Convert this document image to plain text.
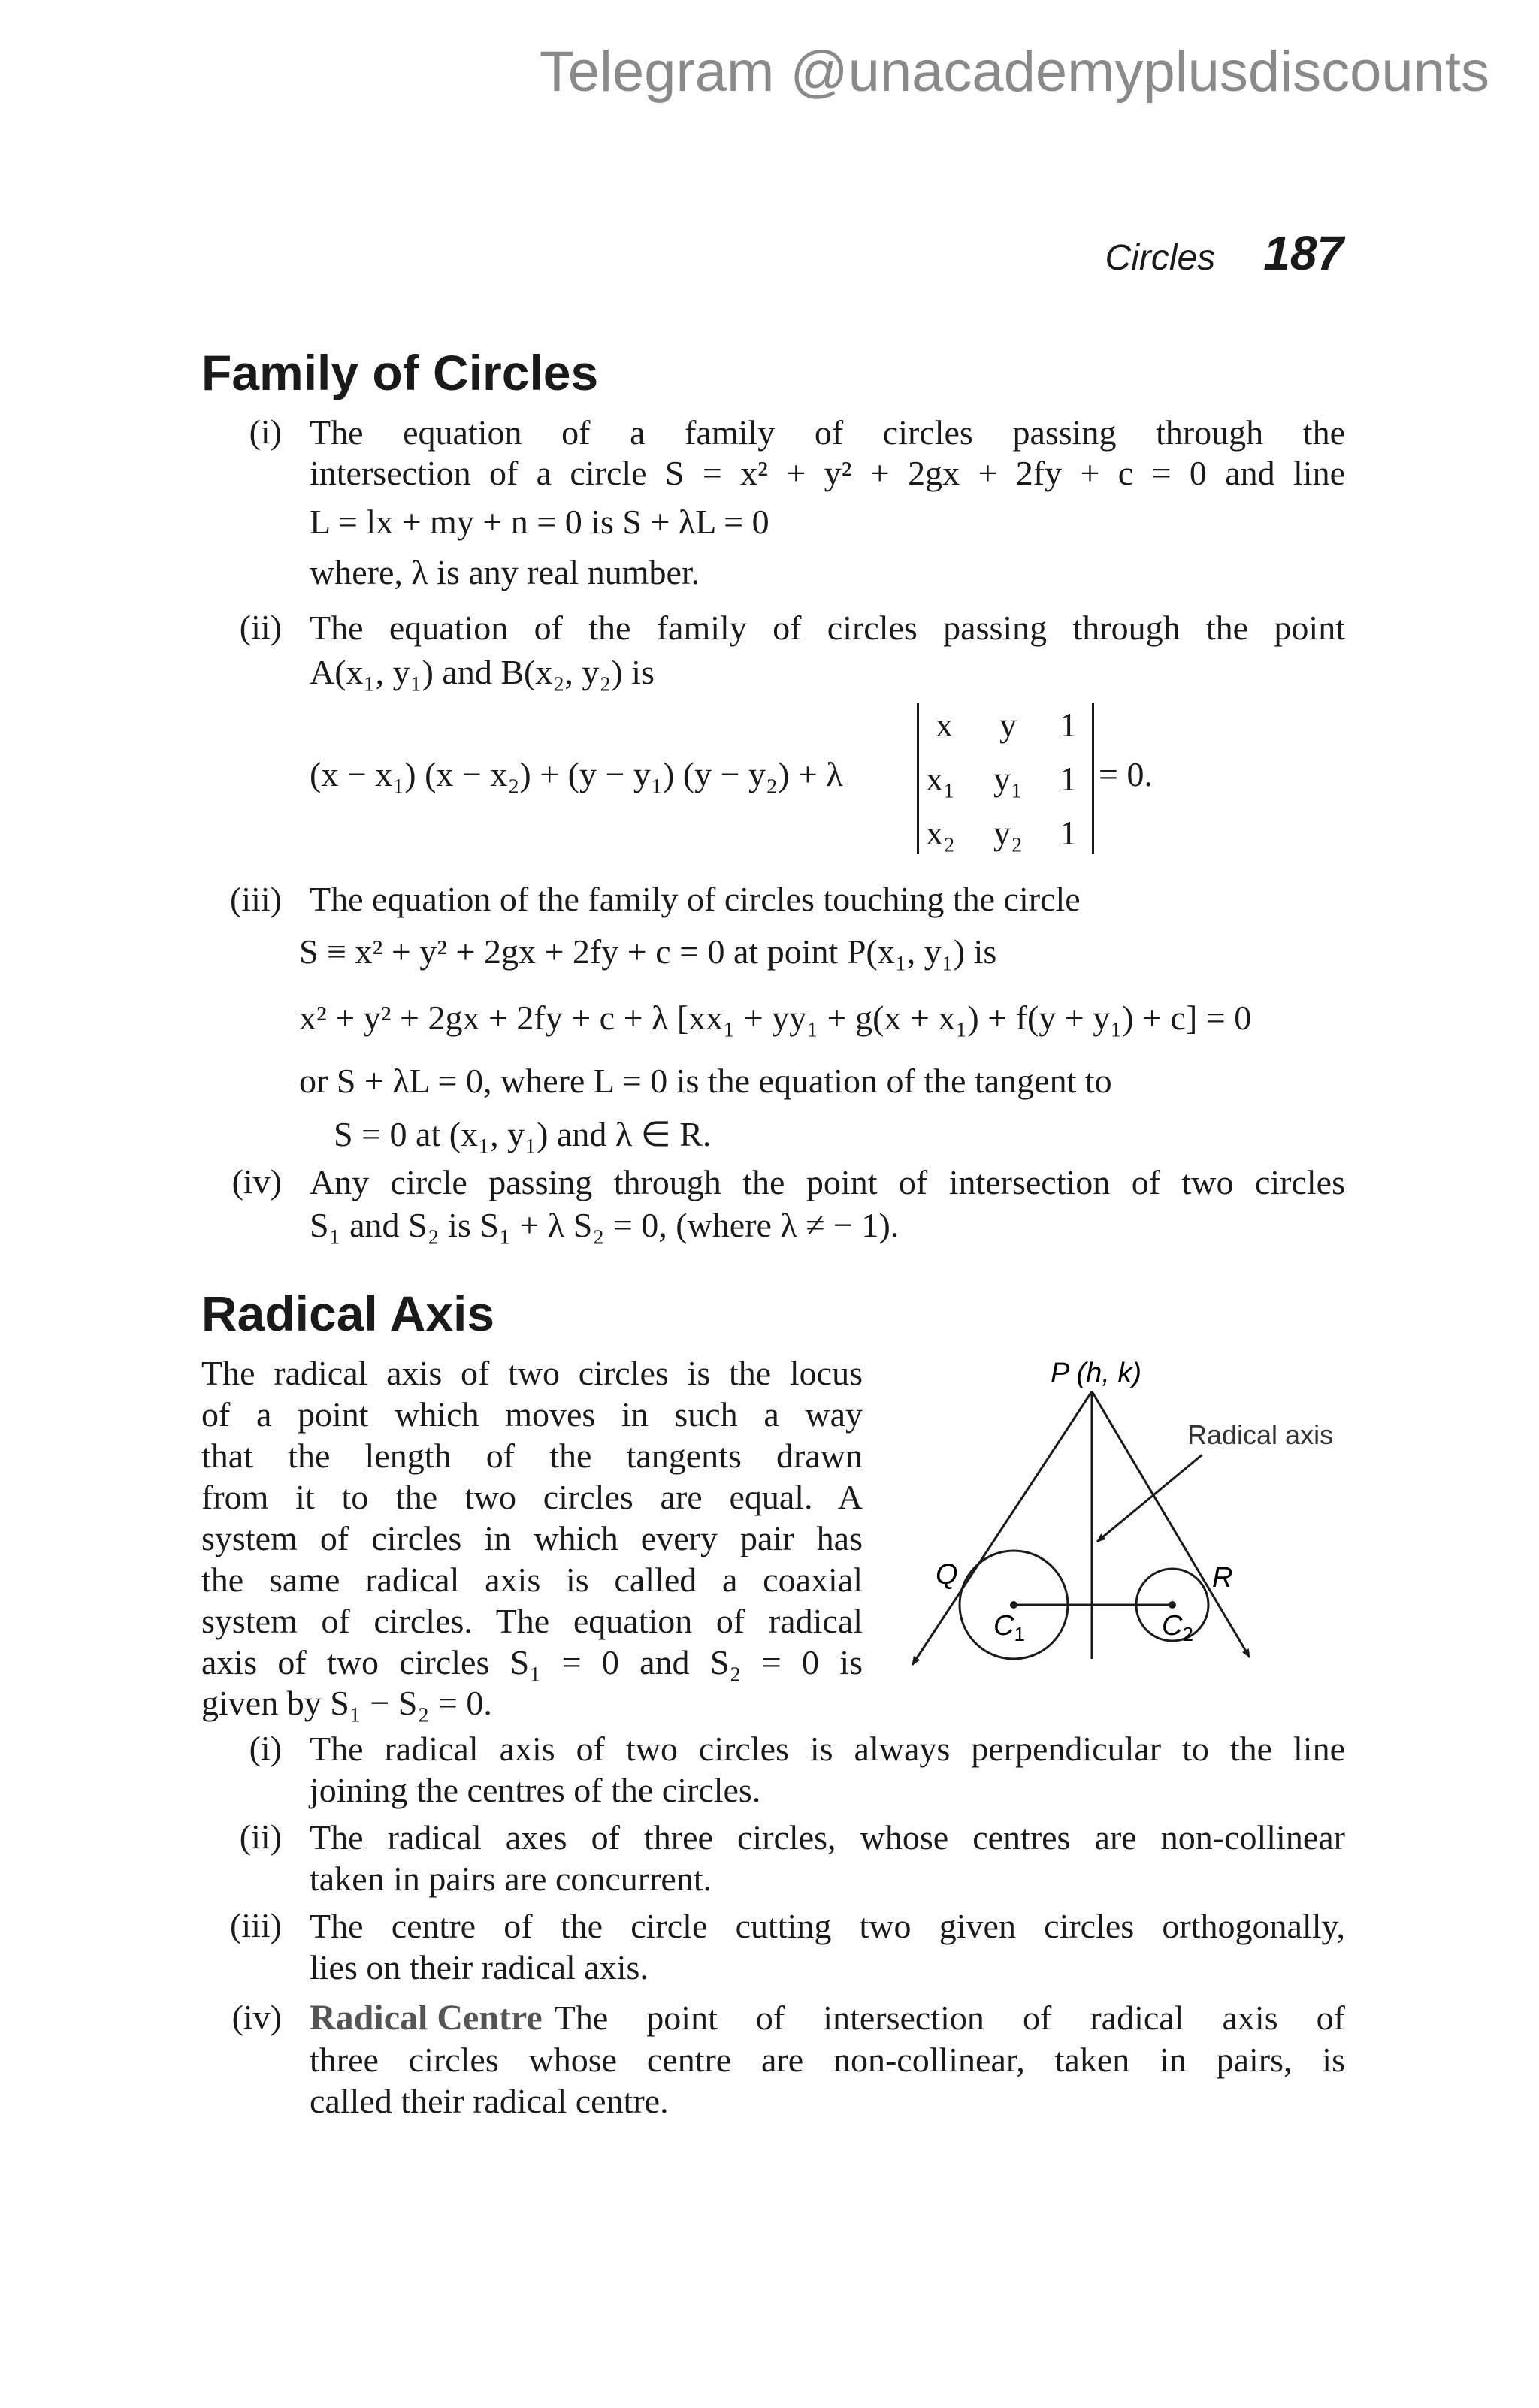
Telegram @unacademyplusdiscounts
Circles 187
Family of Circles
(i) The equation of a family of circles passing through the
intersection of a circle S = x² + y² + 2gx + 2fy + c = 0 and line
L = lx + my + n = 0 is S + λL = 0
where, λ is any real number.
(ii) The equation of the family of circles passing through the point
A(x₁, y₁) and B(x₂, y₂) is
(x − x₁) (x − x₂) + (y − y₁) (y − y₂) + λ
x y 1
x₁ y₁ 1
x₂ y₂ 1
= 0.
(iii) The equation of the family of circles touching the circle
S ≡ x² + y² + 2gx + 2fy + c = 0 at point P(x₁, y₁) is
x² + y² + 2gx + 2fy + c + λ [xx₁ + yy₁ + g(x + x₁) + f(y + y₁) + c] = 0
or S + λL = 0, where L = 0 is the equation of the tangent to
S = 0 at (x₁, y₁) and λ ∈ R.
(iv) Any circle passing through the point of intersection of two circles
S₁ and S₂ is S₁ + λ S₂ = 0, (where λ ≠ − 1).
Radical Axis
The radical axis of two circles is the locus
of a point which moves in such a way
that the length of the tangents drawn
from it to the two circles are equal. A
system of circles in which every pair has
the same radical axis is called a coaxial
system of circles. The equation of radical
axis of two circles S₁ = 0 and S₂ = 0 is
given by S₁ − S₂ = 0.
P (h, k)
Radical axis
Q	R
$C_1$	$C_2$
(i) The radical axis of two circles is always perpendicular to the line
joining the centres of the circles.
(ii) The radical axes of three circles, whose centres are non-collinear
taken in pairs are concurrent.
(iii) The centre of the circle cutting two given circles orthogonally,
lies on their radical axis.
(iv) Radical Centre The point of intersection of radical axis of
three circles whose centre are non-collinear, taken in pairs, is
called their radical centre.
